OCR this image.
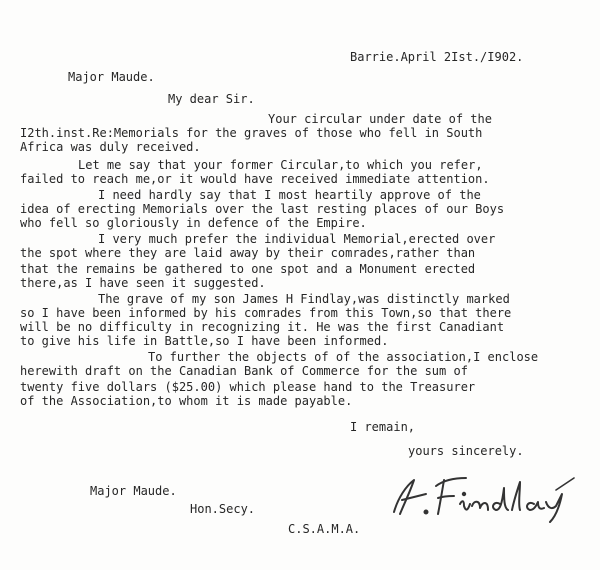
Barrie.April 2Ist./I902.
Major Maude.
My dear Sir.
Your circular under date of the
I2th.inst.Re:Memorials for the graves of those who fell in South
Africa was duly received.
Let me say that your former Circular,to which you refer,
failed to reach me,or it would have received immediate attention.
I need hardly say that I most heartily approve of the
idea of erecting Memorials over the last resting places of our Boys
who fell so gloriously in defence of the Empire.
I very much prefer the individual Memorial,erected over
the spot where they are laid away by their comrades,rather than
that the remains be gathered to one spot and a Monument erected
there,as I have seen it suggested.
The grave of my son James H Findlay,was distinctly marked
so I have been informed by his comrades from this Town,so that there
will be no difficulty in recognizing it. He was the first Canadiant
to give his life in Battle,so I have been informed.
To further the objects of of the association,I enclose
herewith draft on the Canadian Bank of Commerce for the sum of
twenty five dollars ($25.00) which please hand to the Treasurer
of the Association,to whom it is made payable.
I remain,
yours sincerely.
Major Maude.
Hon.Secy.
C.S.A.M.A.
